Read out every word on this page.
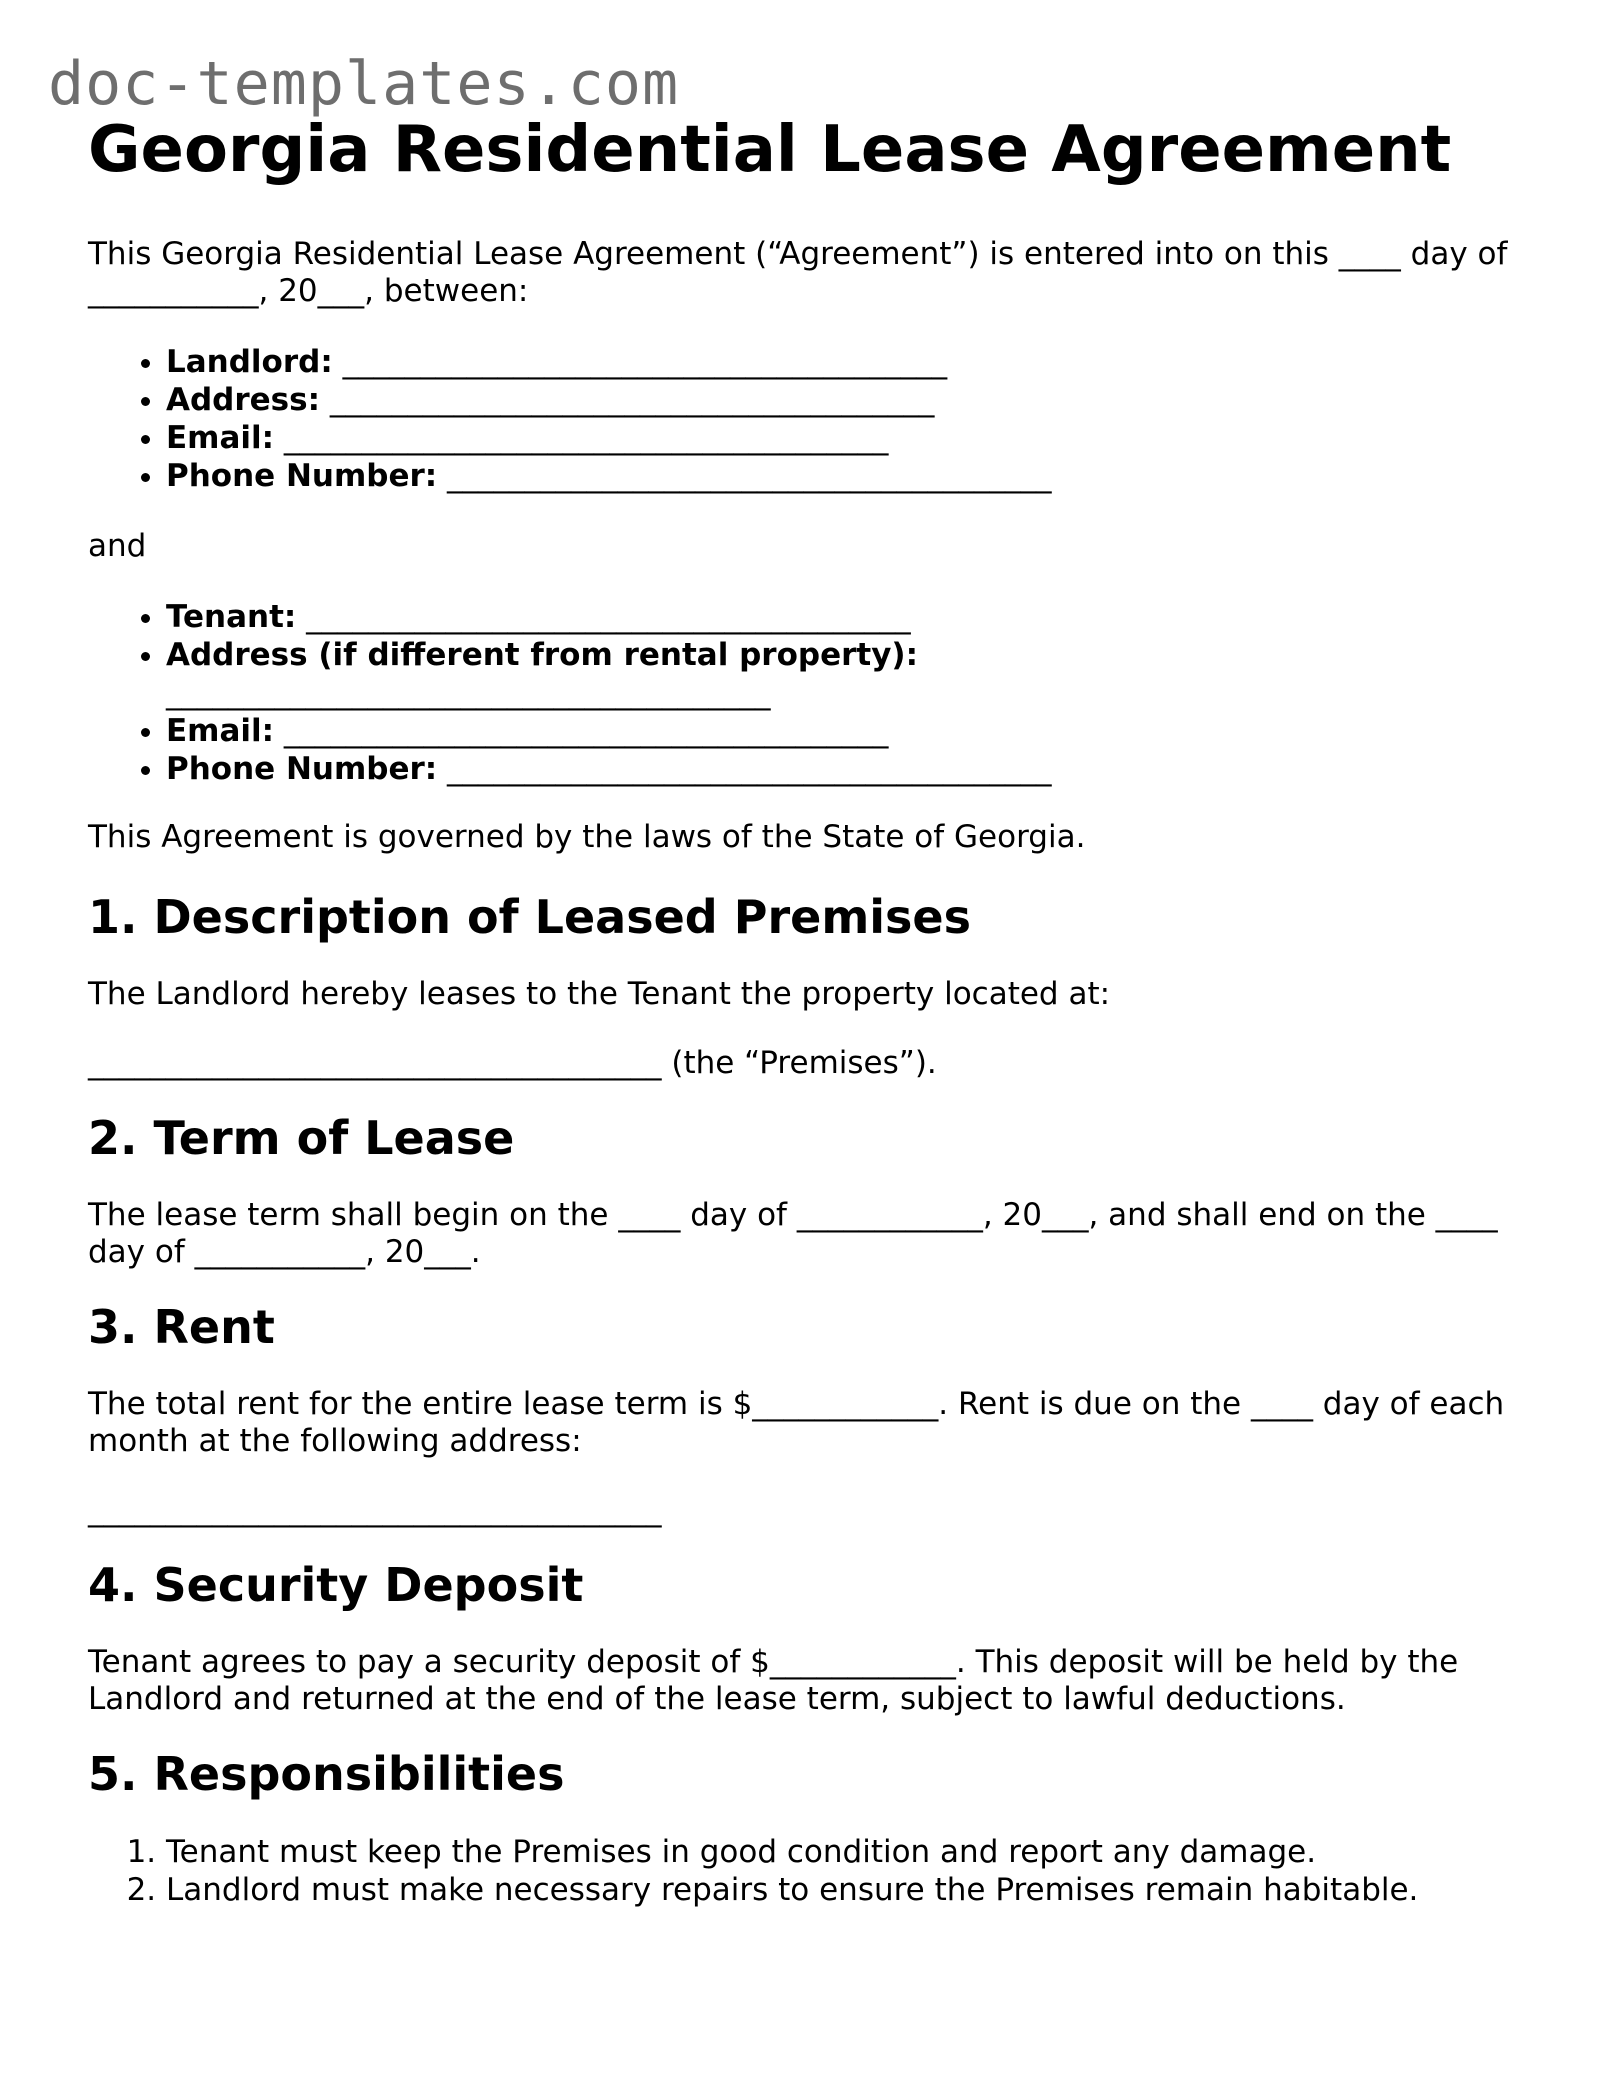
doc-templates.com
Georgia Residential Lease Agreement

This Georgia Residential Lease Agreement (“Agreement”) is entered into on this ____ day of ___________, 20___, between:

• Landlord: _______________________________________
• Address: _______________________________________
• Email: _______________________________________
• Phone Number: _______________________________________

and

• Tenant: _______________________________________
• Address (if different from rental property):
_______________________________________
• Email: _______________________________________
• Phone Number: _______________________________________

This Agreement is governed by the laws of the State of Georgia.

1. Description of Leased Premises

The Landlord hereby leases to the Tenant the property located at:

_____________________________________ (the “Premises”).

2. Term of Lease

The lease term shall begin on the ____ day of ____________, 20___, and shall end on the ____ day of ___________, 20___.

3. Rent

The total rent for the entire lease term is $____________. Rent is due on the ____ day of each month at the following address:

_____________________________________

4. Security Deposit

Tenant agrees to pay a security deposit of $____________. This deposit will be held by the Landlord and returned at the end of the lease term, subject to lawful deductions.

5. Responsibilities
1. Tenant must keep the Premises in good condition and report any damage.
2. Landlord must make necessary repairs to ensure the Premises remain habitable.
